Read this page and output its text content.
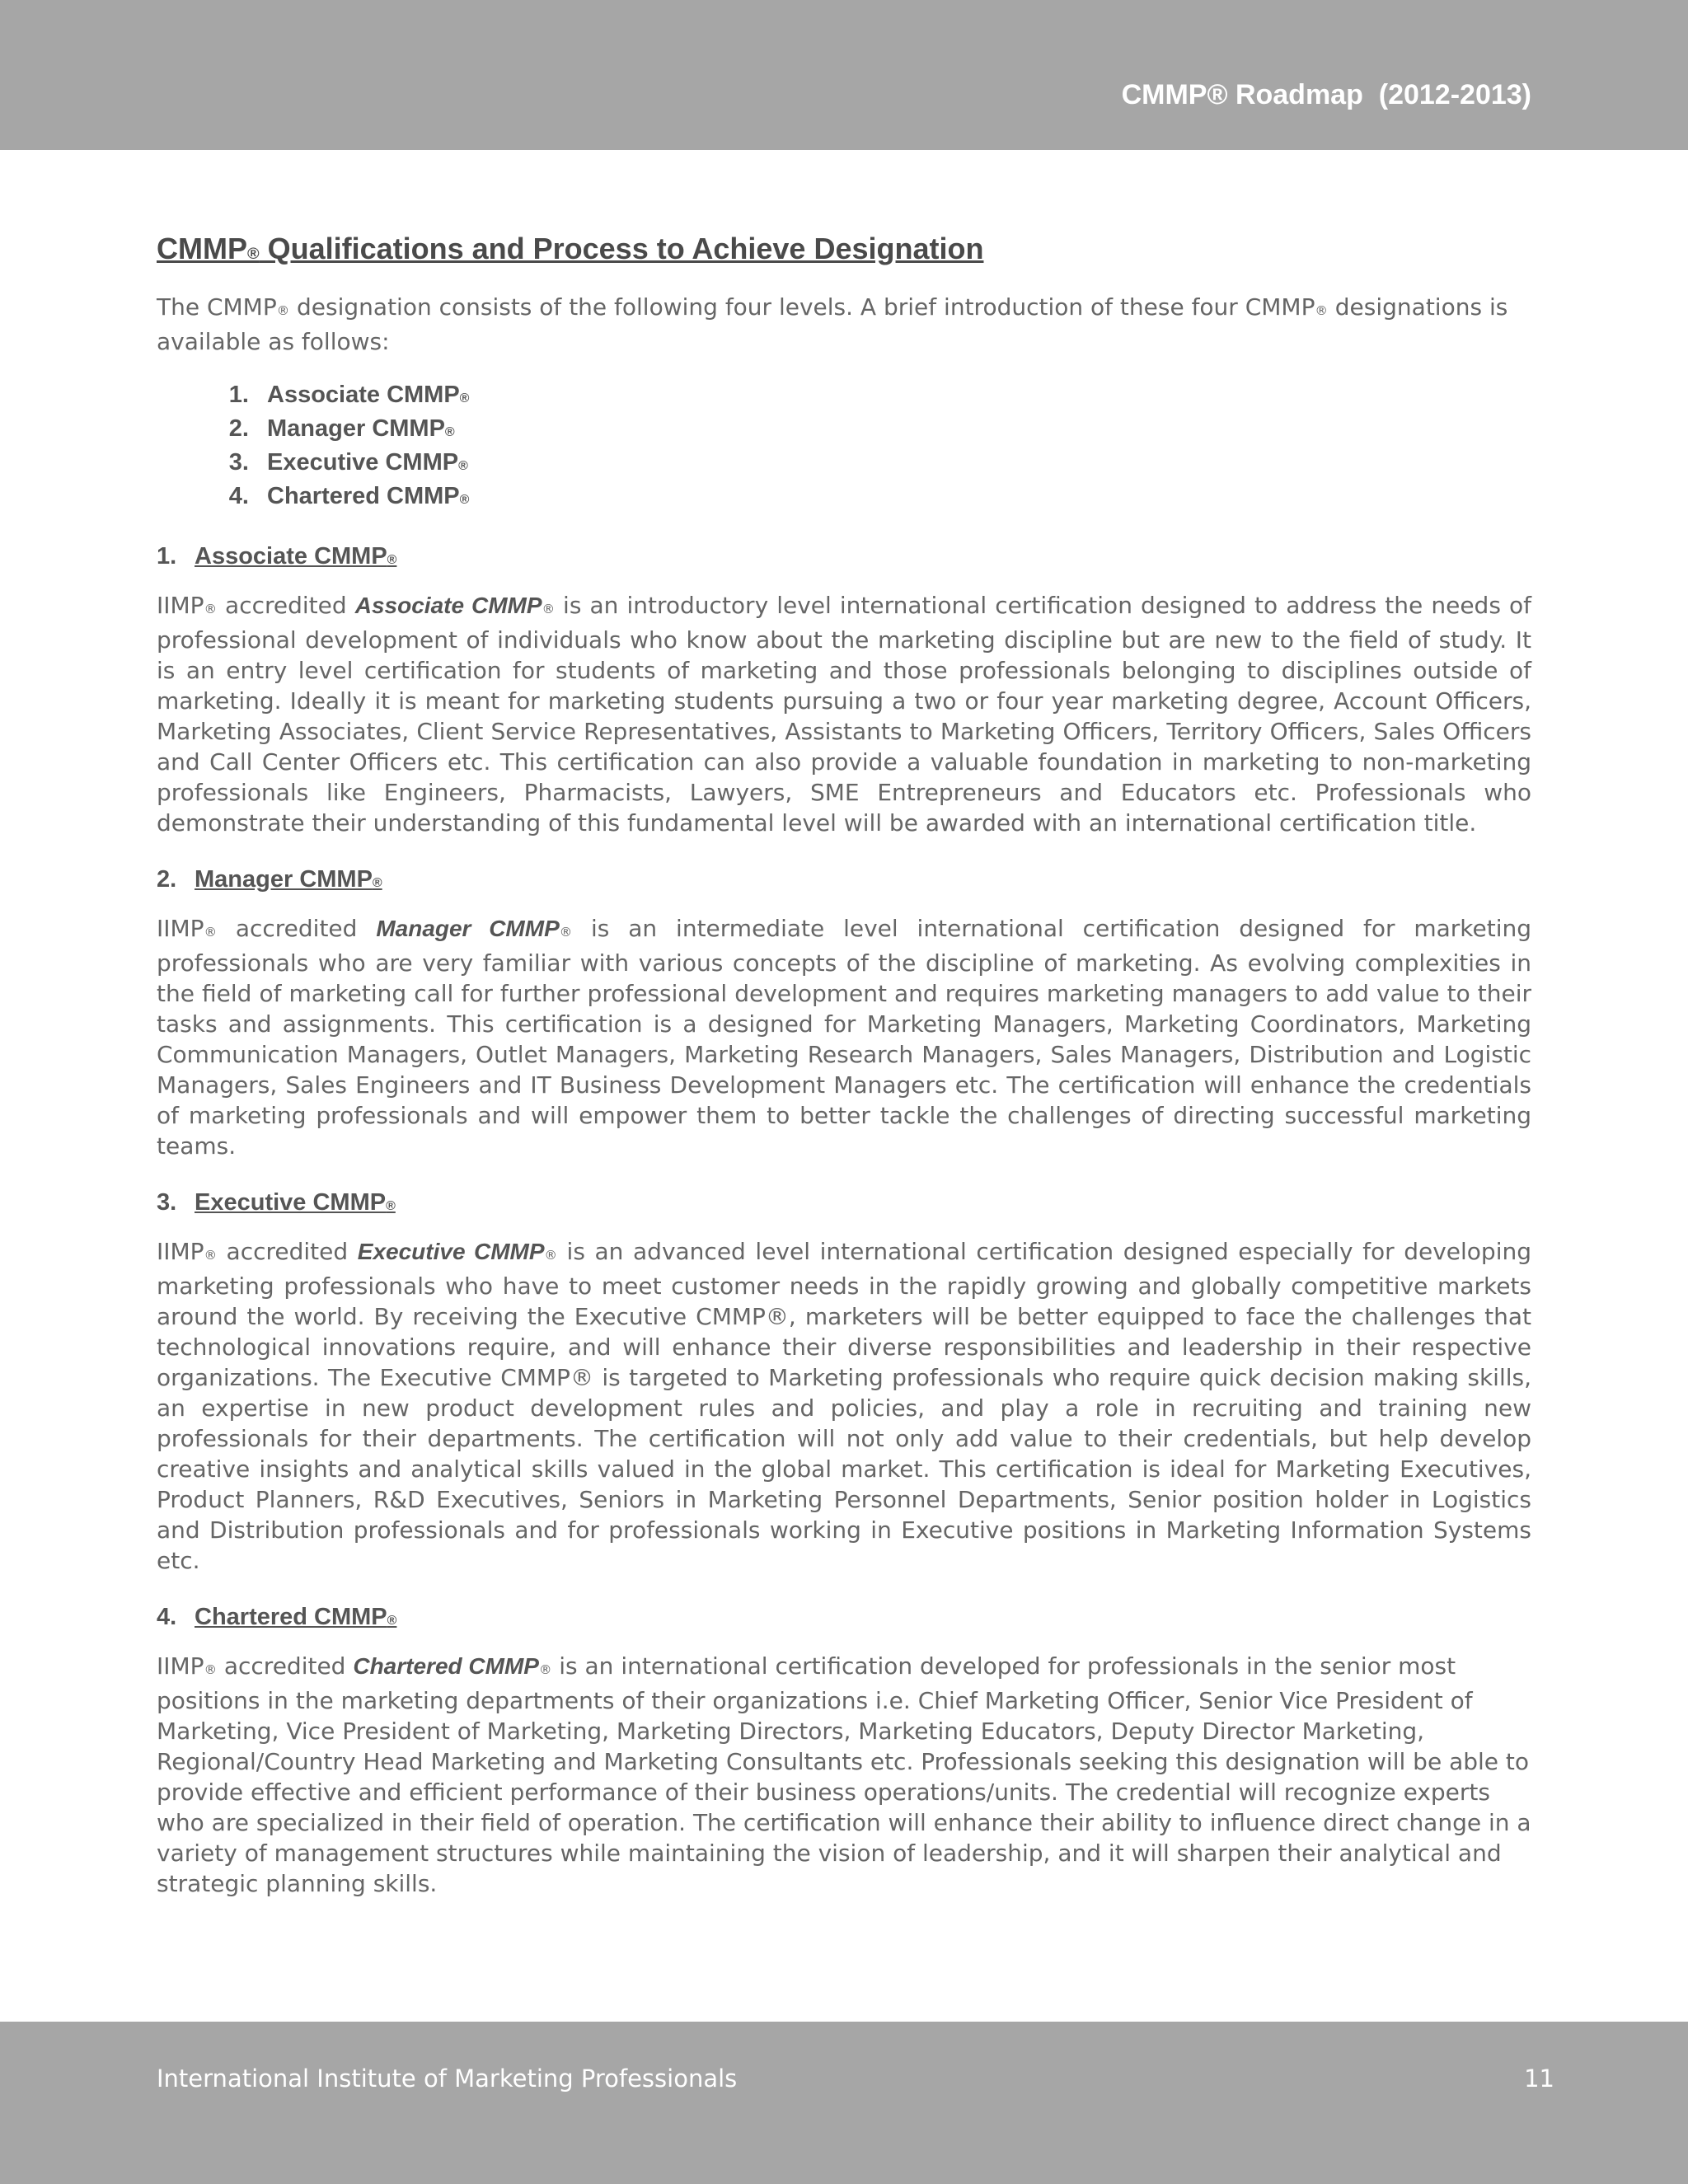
CMMP® Roadmap  (2012-2013)
CMMP® Qualifications and Process to Achieve Designation

The CMMP® designation consists of the following four levels. A brief introduction of these four CMMP® designations is available as follows:

1. Associate CMMP®
2. Manager CMMP®
3. Executive CMMP®
4. Chartered CMMP®
1. Associate CMMP®

IIMP® accredited Associate CMMP® is an introductory level international certification designed to address the needs of professional development of individuals who know about the marketing discipline but are new to the field of study. It is an entry level certification for students of marketing and those professionals belonging to disciplines outside of marketing. Ideally it is meant for marketing students pursuing a two or four year marketing degree, Account Officers, Marketing Associates, Client Service Representatives, Assistants to Marketing Officers, Territory Officers, Sales Officers and Call Center Officers etc. This certification can also provide a valuable foundation in marketing to non-marketing professionals like Engineers, Pharmacists, Lawyers, SME Entrepreneurs and Educators etc. Professionals who demonstrate their understanding of this fundamental level will be awarded with an international certification title.

2. Manager CMMP®

IIMP® accredited Manager CMMP® is an intermediate level international certification designed for marketing professionals who are very familiar with various concepts of the discipline of marketing. As evolving complexities in the field of marketing call for further professional development and requires marketing managers to add value to their tasks and assignments. This certification is a designed for Marketing Managers, Marketing Coordinators, Marketing Communication Managers, Outlet Managers, Marketing Research Managers, Sales Managers, Distribution and Logistic Managers, Sales Engineers and IT Business Development Managers etc. The certification will enhance the credentials of marketing professionals and will empower them to better tackle the challenges of directing successful marketing teams.

3. Executive CMMP®

IIMP® accredited Executive CMMP® is an advanced level international certification designed especially for developing marketing professionals who have to meet customer needs in the rapidly growing and globally competitive markets around the world. By receiving the Executive CMMP®, marketers will be better equipped to face the challenges that technological innovations require, and will enhance their diverse responsibilities and leadership in their respective organizations. The Executive CMMP® is targeted to Marketing professionals who require quick decision making skills, an expertise in new product development rules and policies, and play a role in recruiting and training new professionals for their departments. The certification will not only add value to their credentials, but help develop creative insights and analytical skills valued in the global market. This certification is ideal for Marketing Executives, Product Planners, R&D Executives, Seniors in Marketing Personnel Departments, Senior position holder in Logistics and Distribution professionals and for professionals working in Executive positions in Marketing Information Systems etc.

4. Chartered CMMP®

IIMP® accredited Chartered CMMP® is an international certification developed for professionals in the senior most positions in the marketing departments of their organizations i.e. Chief Marketing Officer, Senior Vice President of Marketing, Vice President of Marketing, Marketing Directors, Marketing Educators, Deputy Director Marketing, Regional/Country Head Marketing and Marketing Consultants etc. Professionals seeking this designation will be able to provide effective and efficient performance of their business operations/units. The credential will recognize experts who are specialized in their field of operation. The certification will enhance their ability to influence direct change in a variety of management structures while maintaining the vision of leadership, and it will sharpen their analytical and strategic planning skills.

International Institute of Marketing Professionals	11
